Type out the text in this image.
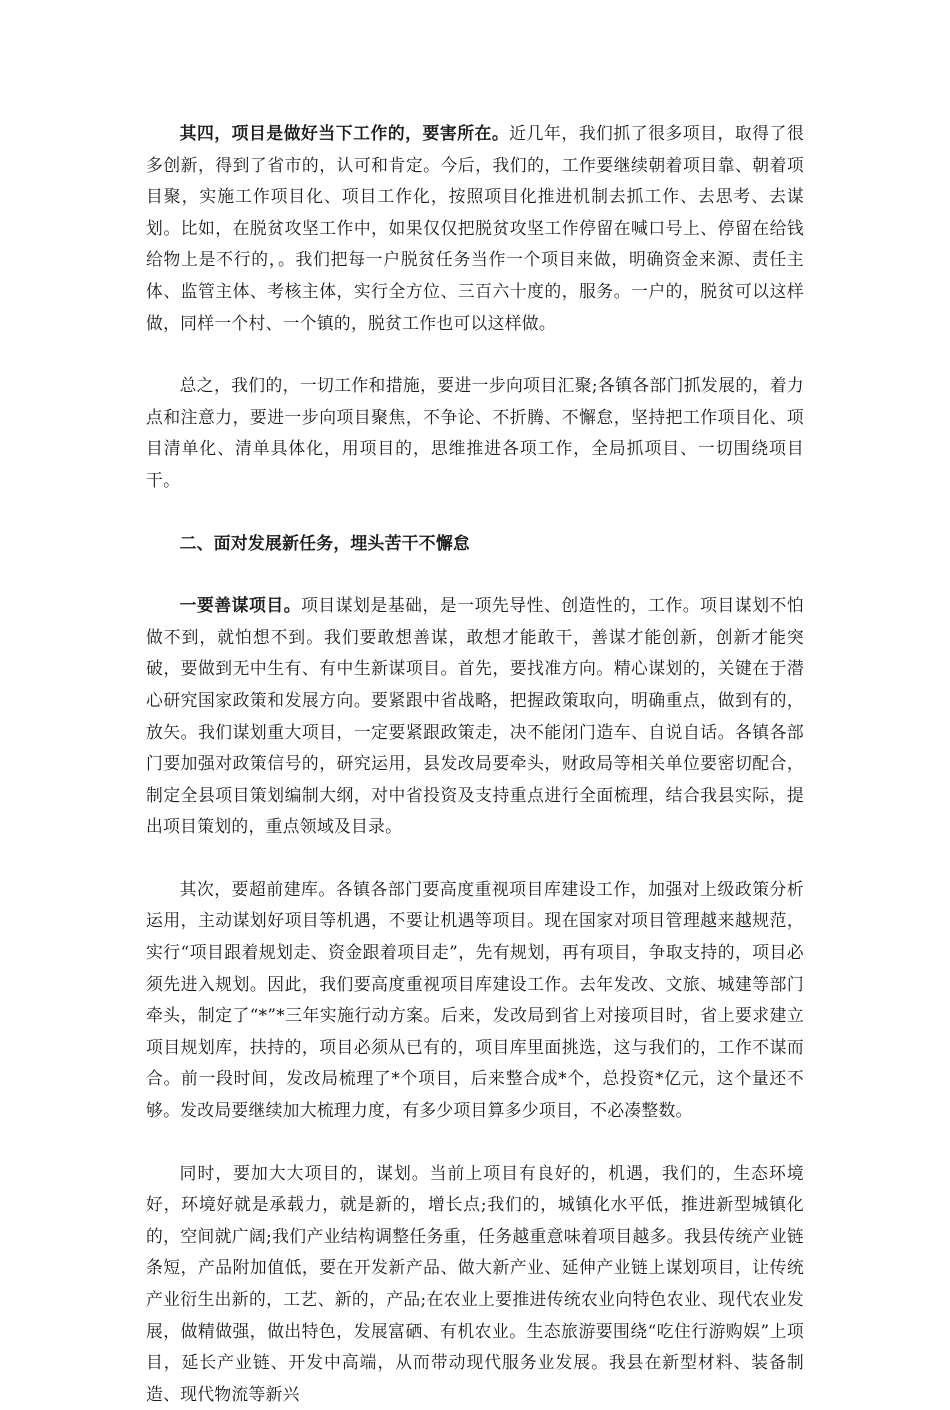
其四，项目是做好当下工作的，要害所在。近几年，我们抓了很多项目，取得了很多创新，得到了省市的，认可和肯定。今后，我们的，工作要继续朝着项目靠、朝着项目聚，实施工作项目化、项目工作化，按照项目化推进机制去抓工作、去思考、去谋划。比如，在脱贫攻坚工作中，如果仅仅把脱贫攻坚工作停留在喊口号上、停留在给钱给物上是不行的，。我们把每一户脱贫任务当作一个项目来做，明确资金来源、责任主体、监管主体、考核主体，实行全方位、三百六十度的，服务。一户的，脱贫可以这样做，同样一个村、一个镇的，脱贫工作也可以这样做。

总之，我们的，一切工作和措施，要进一步向项目汇聚;各镇各部门抓发展的，着力点和注意力，要进一步向项目聚焦，不争论、不折腾、不懈怠，坚持把工作项目化、项目清单化、清单具体化，用项目的，思维推进各项工作，全局抓项目、一切围绕项目干。

二、面对发展新任务，埋头苦干不懈怠

一要善谋项目。项目谋划是基础，是一项先导性、创造性的，工作。项目谋划不怕做不到，就怕想不到。我们要敢想善谋，敢想才能敢干，善谋才能创新，创新才能突破，要做到无中生有、有中生新谋项目。首先，要找准方向。精心谋划的，关键在于潜心研究国家政策和发展方向。要紧跟中省战略，把握政策取向，明确重点，做到有的，放矢。我们谋划重大项目，一定要紧跟政策走，决不能闭门造车、自说自话。各镇各部门要加强对政策信号的，研究运用，县发改局要牵头，财政局等相关单位要密切配合，制定全县项目策划编制大纲，对中省投资及支持重点进行全面梳理，结合我县实际，提出项目策划的，重点领域及目录。

其次，要超前建库。各镇各部门要高度重视项目库建设工作，加强对上级政策分析运用，主动谋划好项目等机遇，不要让机遇等项目。现在国家对项目管理越来越规范，实行“项目跟着规划走、资金跟着项目走”，先有规划，再有项目，争取支持的，项目必须先进入规划。因此，我们要高度重视项目库建设工作。去年发改、文旅、城建等部门牵头，制定了“*”*三年实施行动方案。后来，发改局到省上对接项目时，省上要求建立项目规划库，扶持的，项目必须从已有的，项目库里面挑选，这与我们的，工作不谋而合。前一段时间，发改局梳理了*个项目，后来整合成*个，总投资*亿元，这个量还不够。发改局要继续加大梳理力度，有多少项目算多少项目，不必凑整数。

同时，要加大大项目的，谋划。当前上项目有良好的，机遇，我们的，生态环境好，环境好就是承载力，就是新的，增长点;我们的，城镇化水平低，推进新型城镇化的，空间就广阔;我们产业结构调整任务重，任务越重意味着项目越多。我县传统产业链条短，产品附加值低，要在开发新产品、做大新产业、延伸产业链上谋划项目，让传统产业衍生出新的，工艺、新的，产品;在农业上要推进传统农业向特色农业、现代农业发展，做精做强，做出特色，发展富硒、有机农业。生态旅游要围绕“吃住行游购娱”上项目，延长产业链、开发中高端，从而带动现代服务业发展。我县在新型材料、装备制造、现代物流等新兴
